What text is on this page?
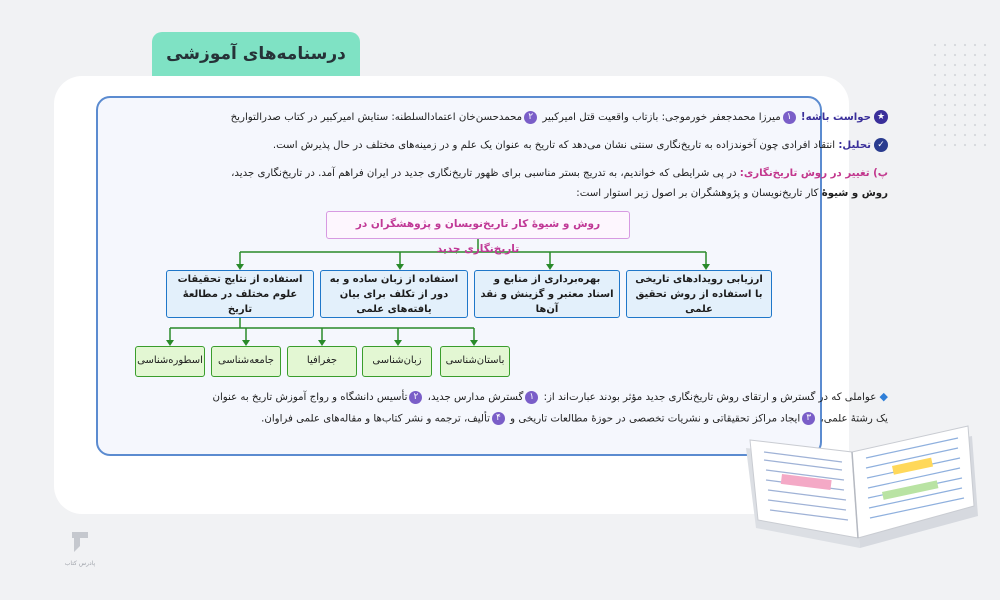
درسنامه‌های آموزشی
★حواست باشه! ۱میرزا محمدجعفر خورموجی: بازتاب واقعیت قتل امیرکبیر ۲محمدحسن‌خان اعتمادالسلطنه: ستایش امیرکبیر در کتاب صدرالتواریخ
✓تحلیل: انتقاد افرادی چون آخوندزاده به تاریخ‌نگاری سنتی نشان می‌دهد که تاریخ به عنوان یک علم و در زمینه‌های مختلف در حال پذیرش است.
پ) تغییر در روش تاریخ‌نگاری: در پی شرایطی که خواندیم، به تدریج بستر مناسبی برای ظهور تاریخ‌نگاری جدید در ایران فراهم آمد. در تاریخ‌نگاری جدید،
روش و شیوهٔ کار تاریخ‌نویسان و پژوهشگران بر اصول زیر استوار است:
روش و شیوهٔ کار تاریخ‌نویسان و پژوهشگران در تاریخ‌نگاری جدید
ارزیابی رویدادهای تاریخی با استفاده از روش تحقیق علمی
بهره‌برداری از منابع و اسناد معتبر و گزینش و نقد آن‌ها
استفاده از زبان ساده و به دور از تکلف برای بیان یافته‌های علمی
استفاده از نتایج تحقیقات علوم مختلف در مطالعهٔ تاریخ
باستان‌شناسی
زبان‌شناسی
جغرافیا
جامعه‌شناسی
اسطوره‌شناسی
◆ عواملی که در گسترش و ارتقای روش تاریخ‌نگاری جدید مؤثر بودند عبارت‌اند از: ۱گسترش مدارس جدید، ۲تأسیس دانشگاه و رواج آموزش تاریخ به عنوان
یک رشتهٔ علمی، ۳ایجاد مراکز تحقیقاتی و نشریات تخصصی در حوزهٔ مطالعات تاریخی و ۴تألیف، ترجمه و نشر کتاب‌ها و مقاله‌های علمی فراوان.
پادرس کتاب
